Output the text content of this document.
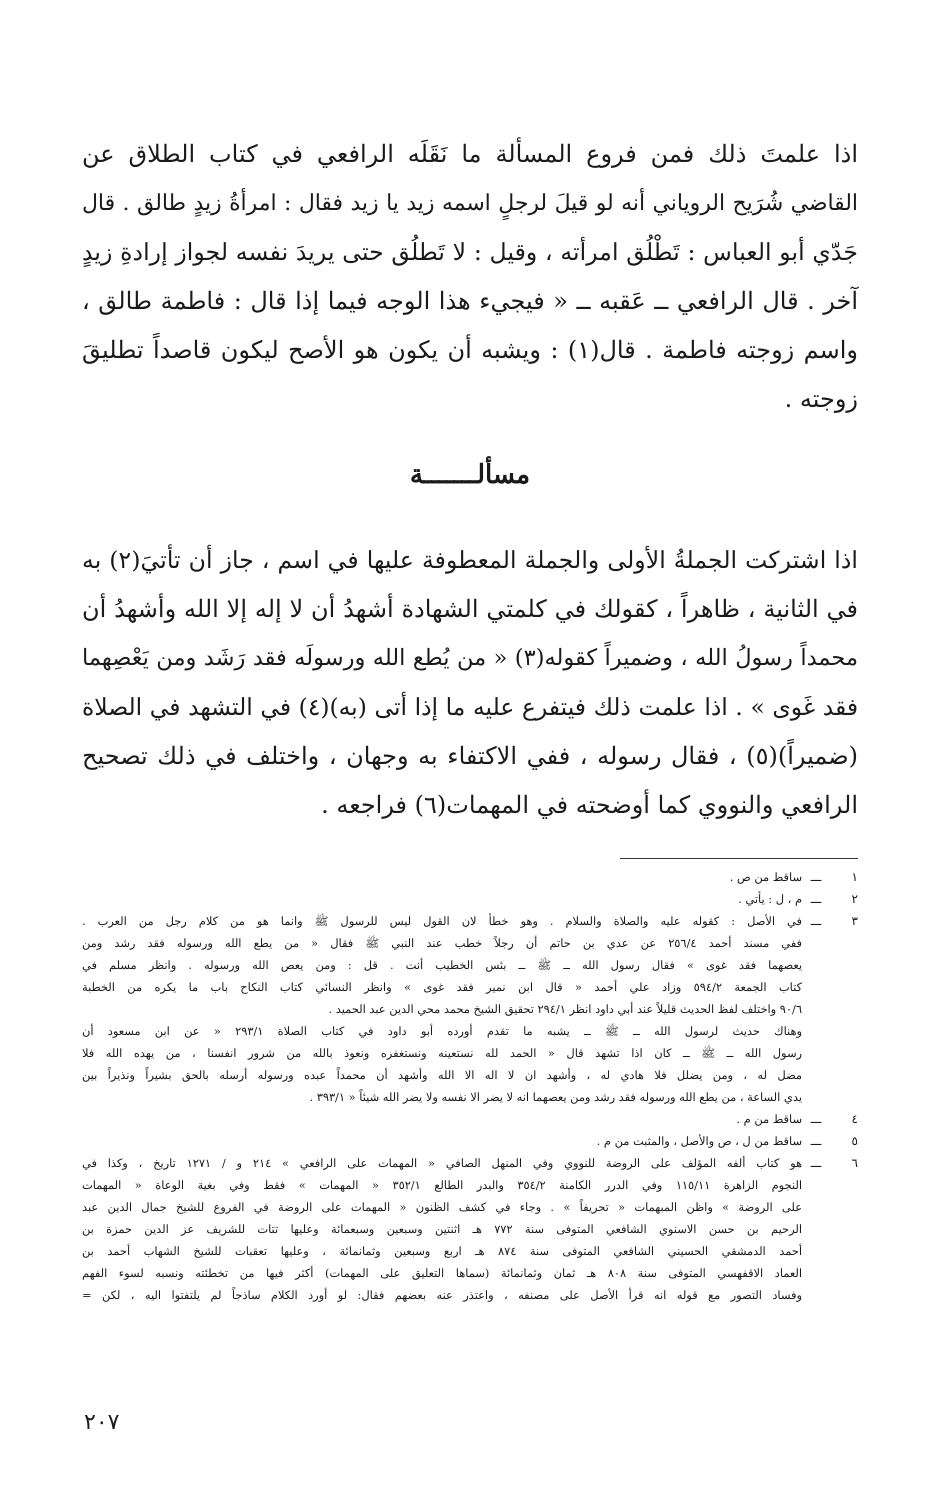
اذا علمتَ ذلك فمن فروع المسألة ما نَقَلَه الرافعي في كتاب الطلاق عن

القاضي شُرَيح الروياني أنه لو قيلَ لرجلٍ اسمه زيد يا زيد فقال : امرأةُ زيدٍ طالق . قال

جَدّي أبو العباس : تَطْلُق امرأته ، وقيل : لا تَطلُق حتى يريدَ نفسه لجواز إرادةِ زيدٍ

آخر . قال الرافعي ــ عَقبه ــ « فيجيء هذا الوجه فيما إذا قال : فاطمة طالق ،

واسم زوجته فاطمة . قال(١) : ويشبه أن يكون هو الأصح ليكون قاصداً تطليقَ

زوجته .

مسألـــــــة

اذا اشتركت الجملةُ الأولى والجملة المعطوفة عليها في اسم ، جاز أن تأتيَ(٢) به

في الثانية ، ظاهراً ، كقولك في كلمتي الشهادة أشهدُ أن لا إله إلا الله وأشهدُ أن

محمداً رسولُ الله ، وضميراً كقوله(٣) « من يُطع الله ورسولَه فقد رَشَد ومن يَعْصِهما

فقد غَوى » . اذا علمت ذلك فيتفرع عليه ما إذا أتى (به)(٤) في التشهد في الصلاة

(ضميراً)(٥) ، فقال رسوله ، ففي الاكتفاء به وجهان ، واختلف في ذلك تصحيح

الرافعي والنووي كما أوضحته في المهمات(٦) فراجعه .

١
ـــ
ساقط من ص .
٢
ـــ
م ، ل : يأتي .
٣
ـــ
في الأصل : كقوله عليه والصلاة والسلام . وهو خطأ لان القول ليس للرسول ﷺ وانما هو من كلام رجل من العرب .
ففي مسند أحمد ٢٥٦/٤ عن عدي بن حاتم أن رجلاً خطب عند النبي ﷺ فقال « من يطع الله ورسوله فقد رشد ومن
يعصهما فقد غوى » فقال رسول الله ــ ﷺ ــ بئس الخطيب أنت . قل : ومن يعص الله ورسوله . وانظر مسلم في
كتاب الجمعة ٥٩٤/٢ وزاد علي أحمد « قال ابن نمير فقد غوى » وانظر النسائي كتاب النكاح باب ما يكره من الخطبة
٩٠/٦ واختلف لفظ الحديث قليلاً عند أبي داود انظر ٢٩٤/١ تحقيق الشيخ محمد محي الدين عبد الحميد .
وهناك حديث لرسول الله ــ ﷺ ــ يشبه ما تقدم أورده أبو داود في كتاب الصلاة ٢٩٣/١ « عن ابن مسعود أن
رسول الله ــ ﷺ ــ كان اذا تشهد قال « الحمد لله نستعينه ونستغفره ونعوذ بالله من شرور انفسنا ، من يهده الله فلا
مضل له ، ومن يضلل فلا هادي له ، وأشهد ان لا اله الا الله وأشهد أن محمداً عبده ورسوله أرسله بالحق بشيراً ونذيراً بين
يدي الساعة ، من يطع الله ورسوله فقد رشد ومن يعصهما انه لا يضر الا نفسه ولا يضر الله شيئاً « ٣٩٣/١ .
٤
ـــ
ساقط من م .
٥
ـــ
ساقط من ل ، ص والأصل ، والمثبت من م .
٦
ـــ
هو كتاب ألفه المؤلف على الروضة للنووي وفي المنهل الصافي « المهمات على الرافعي » ٢١٤ و / ١٢٧١ تاريخ ، وكذا في
النجوم الزاهرة ١١٥/١١ وفي الدرر الكامنة ٣٥٤/٢ والبدر الطالع ٣٥٢/١ « المهمات » فقط وفي بغية الوعاة « المهمات
على الروضة » واظن المبهمات « تحريفاً » . وجاء في كشف الظنون « المهمات على الروضة في الفروع للشيخ جمال الدين عبد
الرحيم بن حسن الاسنوي الشافعي المتوفى سنة ٧٧٢ هـ اثنتين وسبعين وسبعمائة وعليها تتات للشريف عز الدين حمزة بن
أحمد الدمشقي الحسيني الشافعي المتوفى سنة ٨٧٤ هـ اربع وسبعين وثمانمائة ، وعليها تعقبات للشيخ الشهاب أحمد بن
العماد الاقفهسي المتوفى سنة ٨٠٨ هـ ثمان وثمانمائة (سماها التعليق على المهمات) أكثر فيها من تخطئته ونسبه لسوء الفهم
وفساد التصور مع قوله انه قرأ الأصل على مصنفه ، واعتذر عنه بعضهم فقال: لو أورد الكلام ساذجاً لم يلتفتوا اليه ، لكن =
٢٠٧
